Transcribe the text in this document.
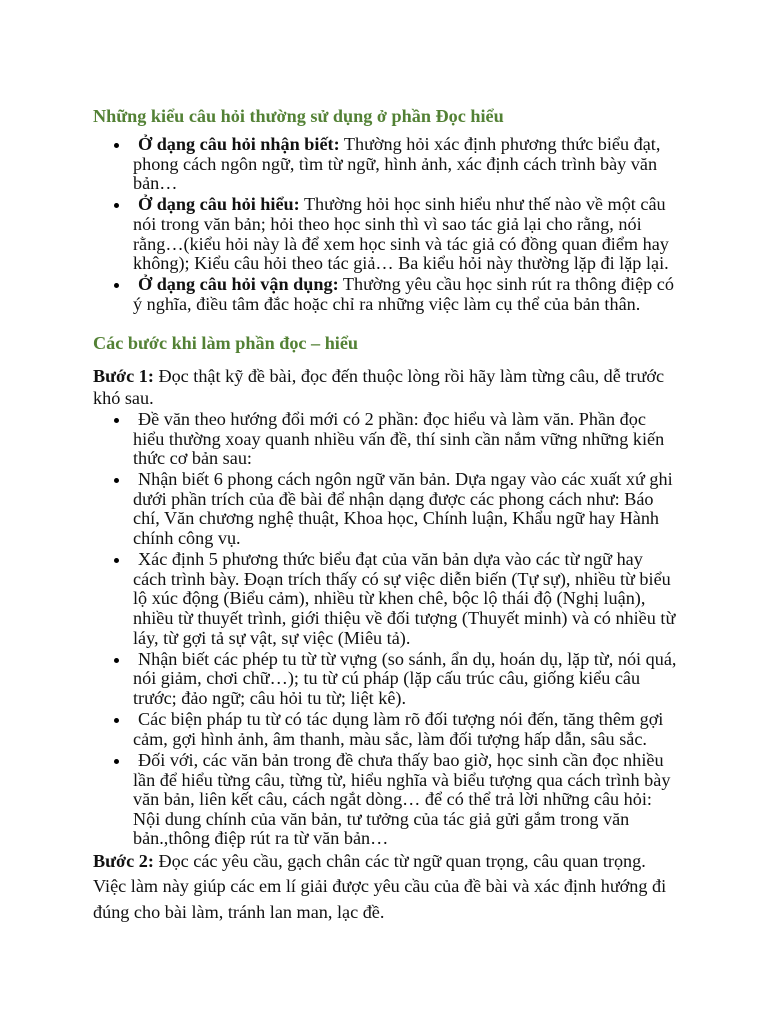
Những kiểu câu hỏi thường sử dụng ở phần Đọc hiểu
Ở dạng câu hỏi nhận biết: Thường hỏi xác định phương thức biểu đạt, phong cách ngôn ngữ, tìm từ ngữ, hình ảnh, xác định cách trình bày văn bản…
Ở dạng câu hỏi hiểu: Thường hỏi học sinh hiểu như thế nào về một câu nói trong văn bản; hỏi theo học sinh thì vì sao tác giả lại cho rằng, nói rằng…(kiểu hỏi này là để xem học sinh và tác giả có đồng quan điểm hay không); Kiểu câu hỏi theo tác giả… Ba kiểu hỏi này thường lặp đi lặp lại.
Ở dạng câu hỏi vận dụng: Thường yêu cầu học sinh rút ra thông điệp có ý nghĩa, điều tâm đắc hoặc chỉ ra những việc làm cụ thể của bản thân.
Các bước khi làm phần đọc – hiểu

Bước 1: Đọc thật kỹ đề bài, đọc đến thuộc lòng rồi hãy làm từng câu, dễ trước khó sau.

Đề văn theo hướng đổi mới có 2 phần: đọc hiểu và làm văn. Phần đọc hiểu thường xoay quanh nhiều vấn đề, thí sinh cần nắm vững những kiến thức cơ bản sau:
Nhận biết 6 phong cách ngôn ngữ văn bản. Dựa ngay vào các xuất xứ ghi dưới phần trích của đề bài để nhận dạng được các phong cách như: Báo chí, Văn chương nghệ thuật, Khoa học, Chính luận, Khẩu ngữ hay Hành chính công vụ.
Xác định 5 phương thức biểu đạt của văn bản dựa vào các từ ngữ hay cách trình bày. Đoạn trích thấy có sự việc diễn biến (Tự sự), nhiều từ biểu lộ xúc động (Biểu cảm), nhiều từ khen chê, bộc lộ thái độ (Nghị luận), nhiều từ thuyết trình, giới thiệu về đối tượng (Thuyết minh) và có nhiều từ láy, từ gợi tả sự vật, sự việc (Miêu tả).
Nhận biết các phép tu từ từ vựng (so sánh, ẩn dụ, hoán dụ, lặp từ, nói quá, nói giảm, chơi chữ…); tu từ cú pháp (lặp cấu trúc câu, giống kiểu câu trước; đảo ngữ; câu hỏi tu từ; liệt kê).
Các biện pháp tu từ có tác dụng làm rõ đối tượng nói đến, tăng thêm gợi cảm, gợi hình ảnh, âm thanh, màu sắc, làm đối tượng hấp dẫn, sâu sắc.
Đối với, các văn bản trong đề chưa thấy bao giờ, học sinh cần đọc nhiều lần để hiểu từng câu, từng từ, hiểu nghĩa và biểu tượng qua cách trình bày văn bản, liên kết câu, cách ngắt dòng… để có thể trả lời những câu hỏi: Nội dung chính của văn bản, tư tưởng của tác giả gửi gắm trong văn bản.,thông điệp rút ra từ văn bản…

Bước 2: Đọc các yêu cầu, gạch chân các từ ngữ quan trọng, câu quan trọng. Việc làm này giúp các em lí giải được yêu cầu của đề bài và xác định hướng đi đúng cho bài làm, tránh lan man, lạc đề.
